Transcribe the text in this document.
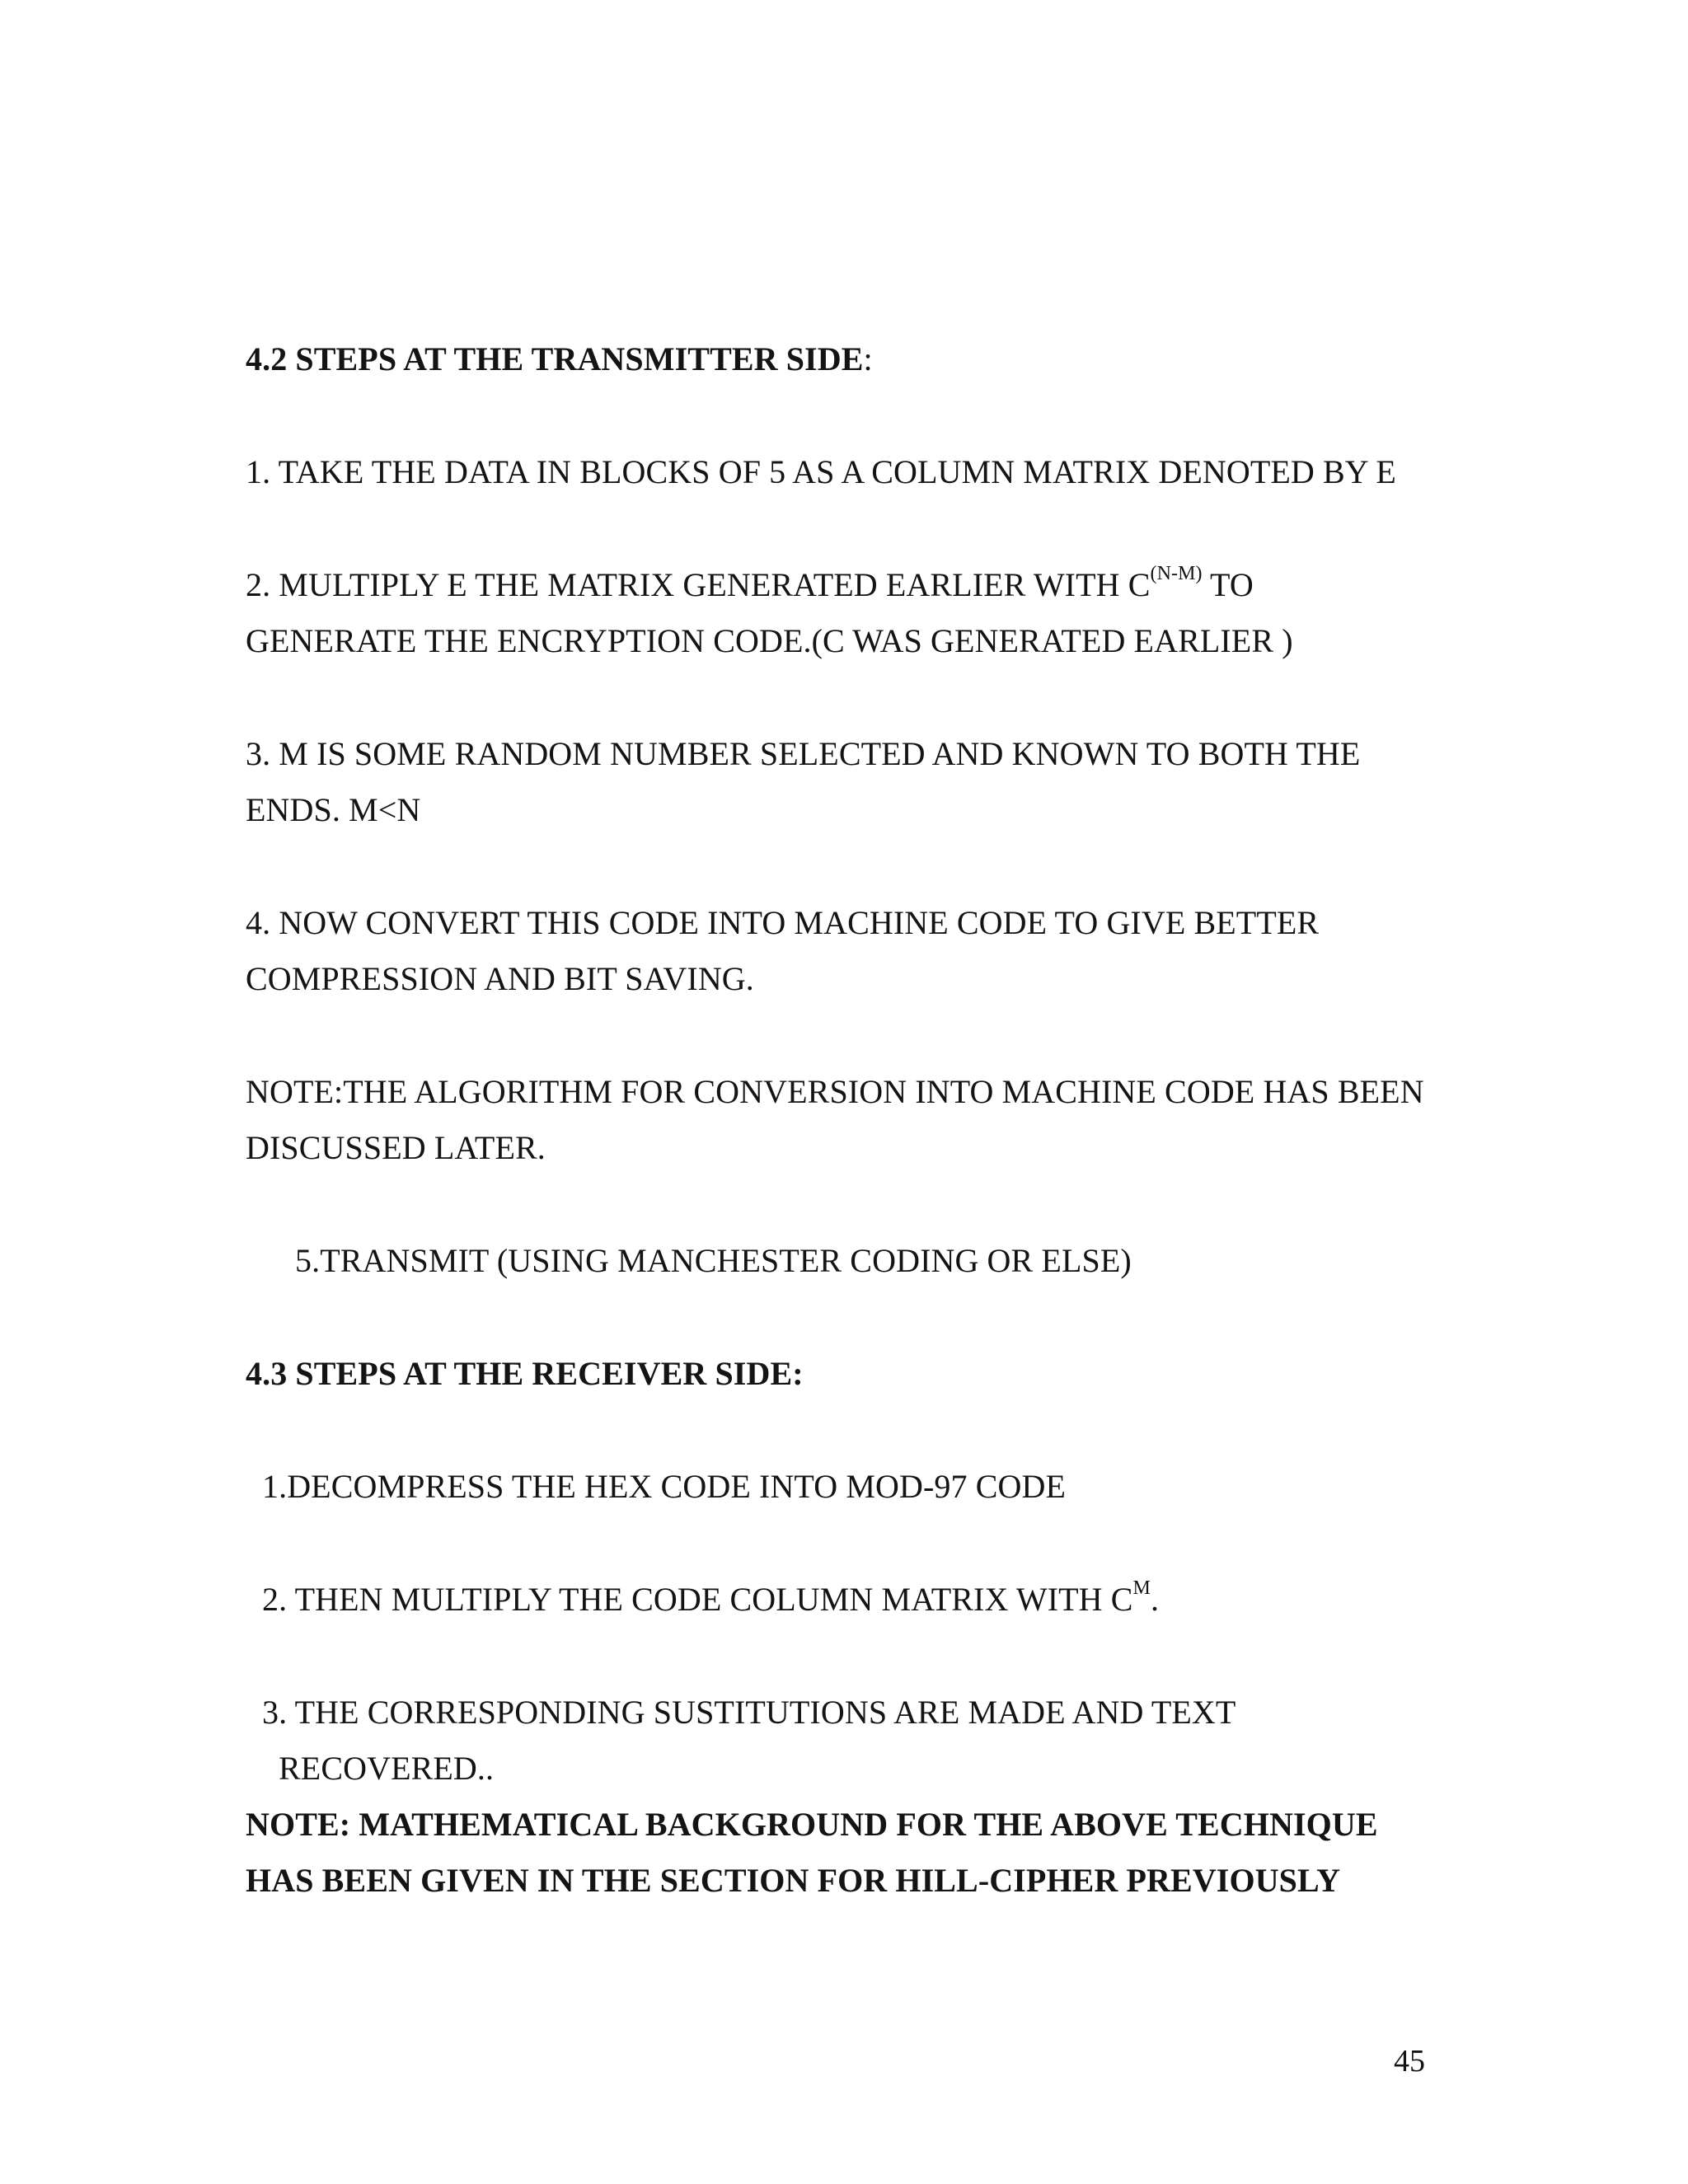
4.2 STEPS AT THE TRANSMITTER SIDE:
1. TAKE THE DATA IN BLOCKS OF 5 AS A COLUMN MATRIX DENOTED BY E
2. MULTIPLY E THE MATRIX GENERATED EARLIER WITH $C^{(N-M)}$ TO
GENERATE THE ENCRYPTION CODE.(C WAS GENERATED EARLIER )
3. M IS SOME RANDOM NUMBER SELECTED AND KNOWN TO BOTH THE
ENDS. M<N
4. NOW CONVERT THIS CODE INTO MACHINE CODE TO GIVE BETTER
COMPRESSION AND BIT SAVING.
NOTE:THE ALGORITHM FOR CONVERSION INTO MACHINE CODE HAS BEEN
DISCUSSED LATER.
5.TRANSMIT (USING MANCHESTER CODING OR ELSE)
4.3 STEPS AT THE RECEIVER SIDE:
1.DECOMPRESS THE HEX CODE INTO MOD-97 CODE
2. THEN MULTIPLY THE CODE COLUMN MATRIX WITH $C^M$.
3. THE CORRESPONDING SUSTITUTIONS ARE MADE AND TEXT
RECOVERED..
NOTE: MATHEMATICAL BACKGROUND FOR THE ABOVE TECHNIQUE
HAS BEEN GIVEN IN THE SECTION FOR HILL-CIPHER PREVIOUSLY
45
